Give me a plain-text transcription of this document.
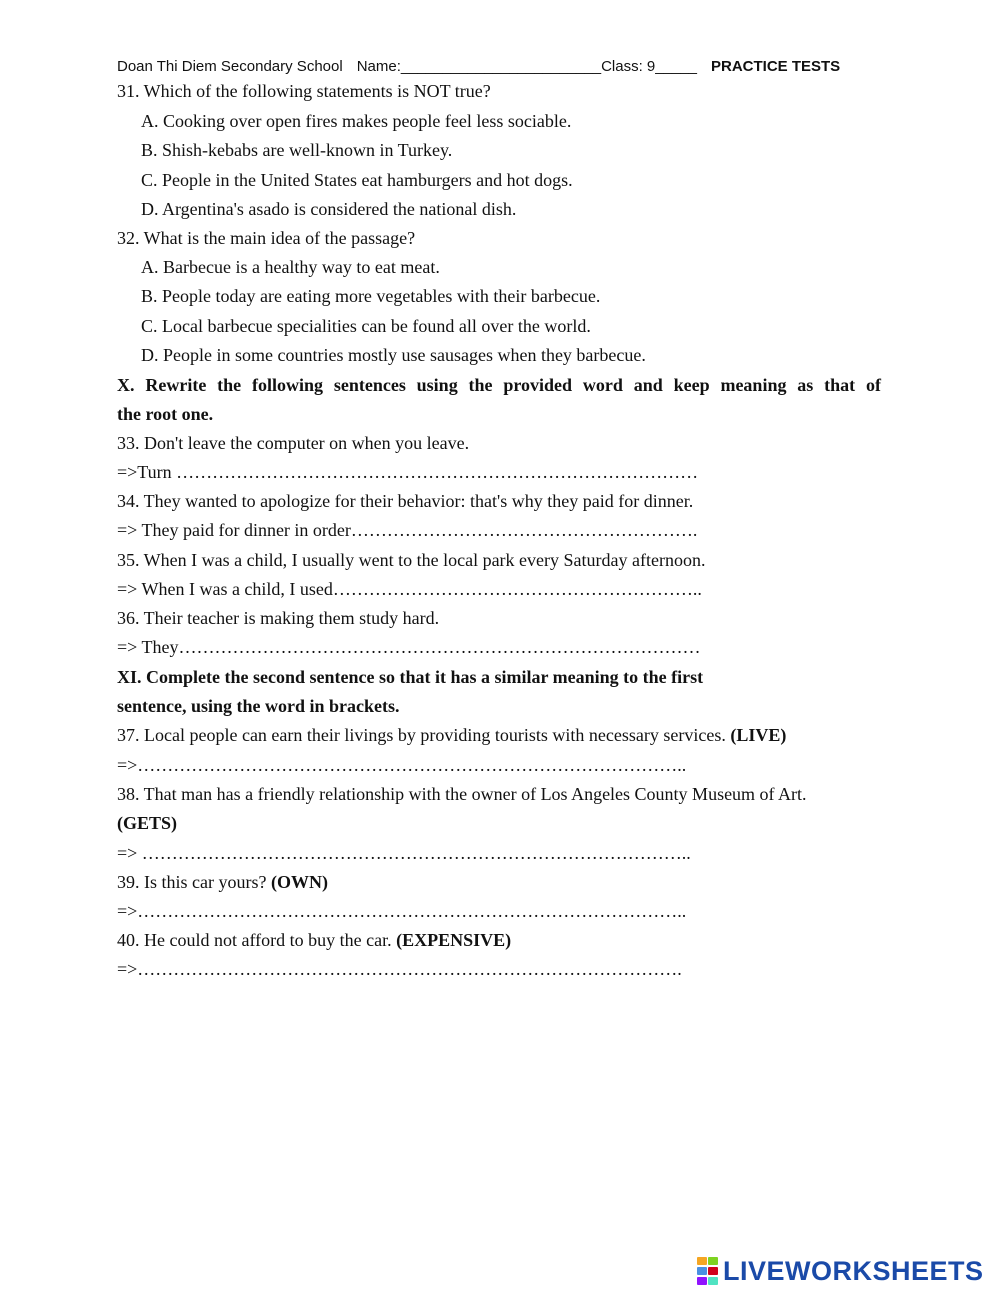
Doan Thi Diem Secondary School Name:________________________Class: 9_____ PRACTICE TESTS
31. Which of the following statements is NOT true?
A. Cooking over open fires makes people feel less sociable.
B. Shish-kebabs are well-known in Turkey.
C. People in the United States eat hamburgers and hot dogs.
D. Argentina's asado is considered the national dish.
32. What is the main idea of the passage?
A. Barbecue is a healthy way to eat meat.
B. People today are eating more vegetables with their barbecue.
C. Local barbecue specialities can be found all over the world.
D. People in some countries mostly use sausages when they barbecue.
X. Rewrite the following sentences using the provided word and keep meaning as that of
the root one.
33. Don't leave the computer on when you leave.
=>Turn ……………………………………………………………………………
34. They wanted to apologize for their behavior: that's why they paid for dinner.
=> They paid for dinner in order………………………………………………….
35. When I was a child, I usually went to the local park every Saturday afternoon.
=> When I was a child, I used……………………………………………………..
36. Their teacher is making them study hard.
=> They……………………………………………………………………………
XI. Complete the second sentence so that it has a similar meaning to the first
sentence, using the word in brackets.
37. Local people can earn their livings by providing tourists with necessary services. (LIVE)
=>………………………………………………………………………………..
38. That man has a friendly relationship with the owner of Los Angeles County Museum of Art.
(GETS)
=> ………………………………………………………………………………..
39. Is this car yours? (OWN)
=>………………………………………………………………………………..
40. He could not afford to buy the car. (EXPENSIVE)
=>……………………………………………………………………………….
LIVEWORKSHEETS
